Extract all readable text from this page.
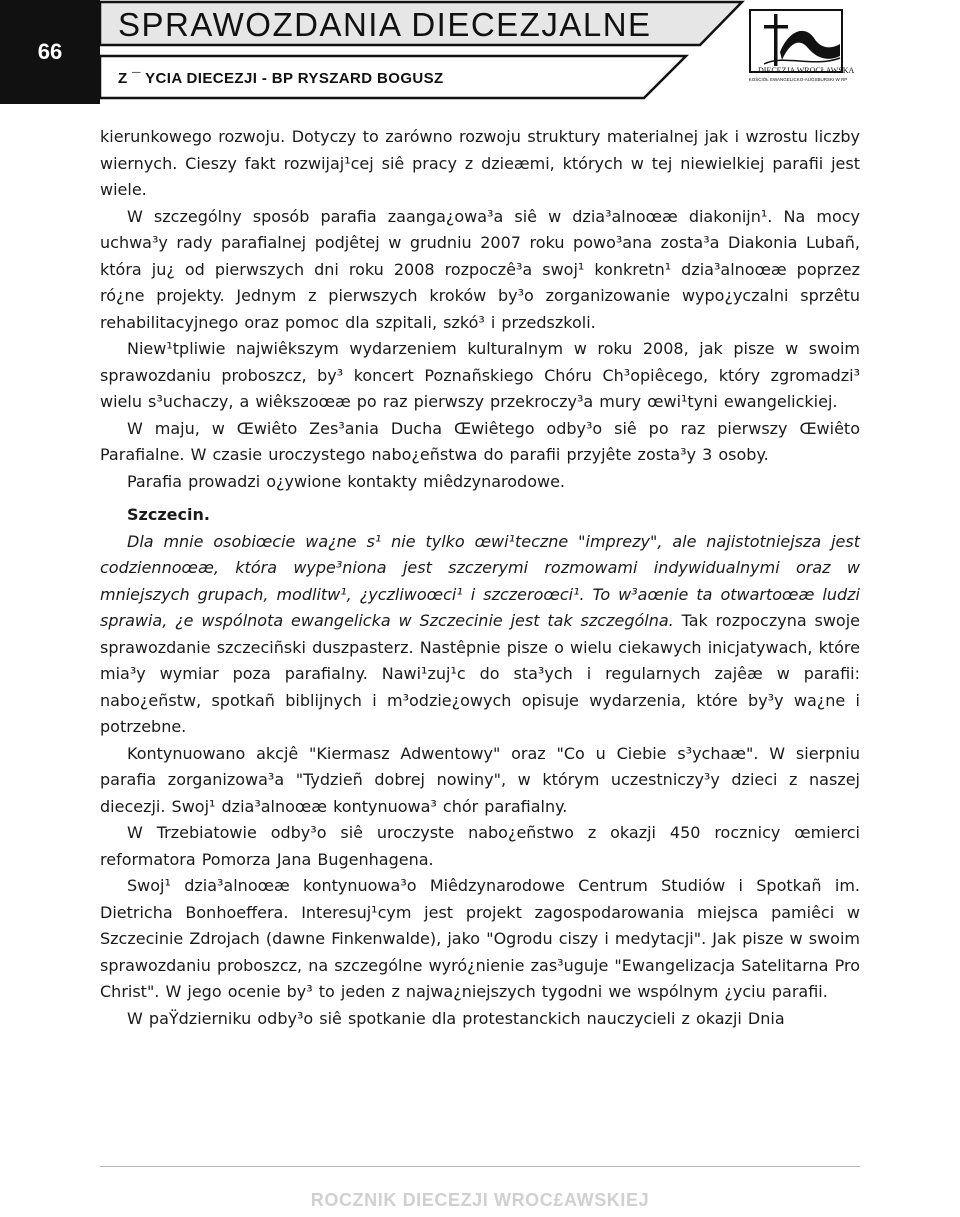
66
SPRAWOZDANIA DIECEZJALNE
Z ¯ YCIA DIECEZJI - BP RYSZARD BOGUSZ	DIECEZJA WROCŁAWSKA
KOŚCIÓŁ EWANGELICKO-AUGSBURSKI W RP

kierunkowego rozwoju. Dotyczy to zarówno rozwoju struktury materialnej jak i wzrostu liczby wiernych. Cieszy fakt rozwijaj¹cej siê pracy z dzieæmi, których w tej niewielkiej parafii jest wiele.

W szczególny sposób parafia zaanga¿owa³a siê w dzia³alnoœæ diakonijn¹. Na mocy uchwa³y rady parafialnej podjêtej w grudniu 2007 roku powo³ana zosta³a Diakonia Lubañ, która ju¿ od pierwszych dni roku 2008 rozpoczê³a swoj¹ konkretn¹ dzia³alnoœæ poprzez ró¿ne projekty. Jednym z pierwszych kroków by³o zorganizowanie wypo¿yczalni sprzêtu rehabilitacyjnego oraz pomoc dla szpitali, szkó³ i przedszkoli.

Niew¹tpliwie najwiêkszym wydarzeniem kulturalnym w roku 2008, jak pisze w swoim sprawozdaniu proboszcz, by³ koncert Poznañskiego Chóru Ch³opiêcego, który zgromadzi³ wielu s³uchaczy, a wiêkszoœæ po raz pierwszy przekroczy³a mury œwi¹tyni ewangelickiej.

W maju, w Œwiêto Zes³ania Ducha Œwiêtego odby³o siê po raz pierwszy Œwiêto Parafialne. W czasie uroczystego nabo¿eñstwa do parafii przyjête zosta³y 3 osoby.

Parafia prowadzi o¿ywione kontakty miêdzynarodowe.

Szczecin.

Dla mnie osobiœcie wa¿ne s¹ nie tylko œwi¹teczne "imprezy", ale najistotniejsza jest codziennoœæ, która wype³niona jest szczerymi rozmowami indywidualnymi oraz w mniejszych grupach, modlitw¹, ¿yczliwoœci¹ i szczeroœci¹. To w³aœnie ta otwartoœæ ludzi sprawia, ¿e wspólnota ewangelicka w Szczecinie jest tak szczególna. Tak rozpoczyna swoje sprawozdanie szczeciñski duszpasterz. Nastêpnie pisze o wielu ciekawych inicjatywach, które mia³y wymiar poza parafialny. Nawi¹zuj¹c do sta³ych i regularnych zajêæ w parafii: nabo¿eñstw, spotkañ biblijnych i m³odzie¿owych opisuje wydarzenia, które by³y wa¿ne i potrzebne.

Kontynuowano akcjê "Kiermasz Adwentowy" oraz "Co u Ciebie s³ychaæ". W sierpniu parafia zorganizowa³a "Tydzieñ dobrej nowiny", w którym uczestniczy³y dzieci z naszej diecezji. Swoj¹ dzia³alnoœæ kontynuowa³ chór parafialny.

W Trzebiatowie odby³o siê uroczyste nabo¿eñstwo z okazji 450 rocznicy œmierci reformatora Pomorza Jana Bugenhagena.

Swoj¹ dzia³alnoœæ kontynuowa³o Miêdzynarodowe Centrum Studiów i Spotkañ im. Dietricha Bonhoeffera. Interesuj¹cym jest projekt zagospodarowania miejsca pamiêci w Szczecinie Zdrojach (dawne Finkenwalde), jako "Ogrodu ciszy i medytacji". Jak pisze w swoim sprawozdaniu proboszcz, na szczególne wyró¿nienie zas³uguje "Ewangelizacja Satelitarna Pro Christ". W jego ocenie by³ to jeden z najwa¿niejszych tygodni we wspólnym ¿yciu parafii.

W paŸdzierniku odby³o siê spotkanie dla protestanckich nauczycieli z okazji Dnia

ROCZNIK DIECEZJI WROC£AWSKIEJ
